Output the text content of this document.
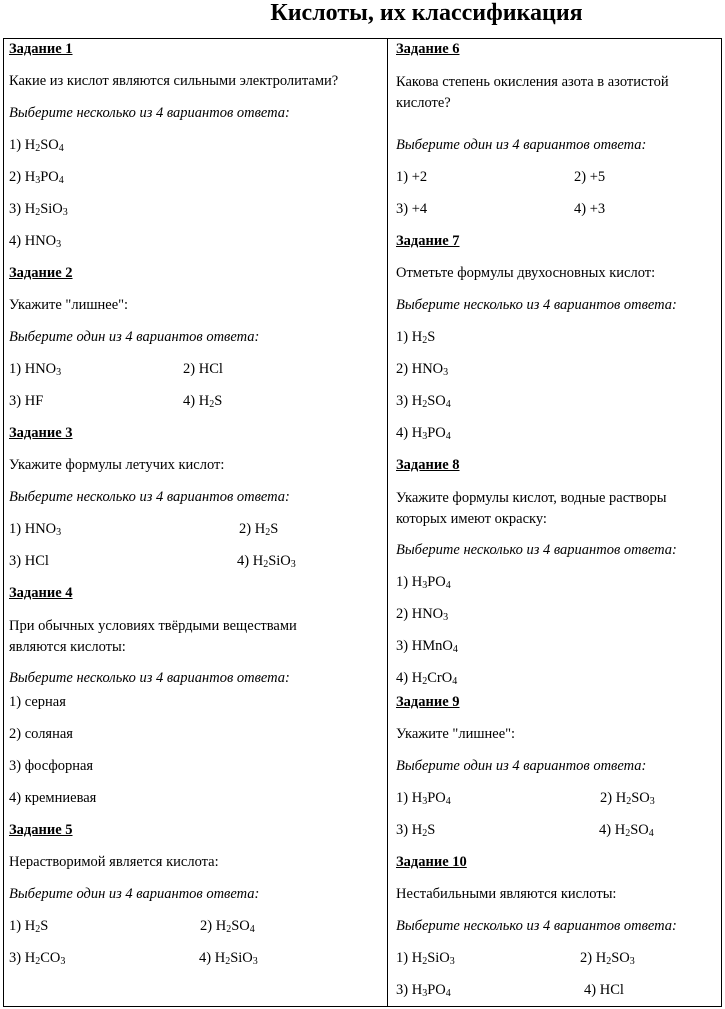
Кислоты, их классификация
Задание 1
Какие из кислот являются сильными электролитами?
Выберите несколько из 4 вариантов ответа:
1) $H_2SO_4$
2) $H_3PO_4$
3) $H_2SiO_3$
4) $HNO_3$
Задание 2
Укажите "лишнее":
Выберите один из 4 вариантов ответа:
1) $HNO_3$	2) HCl
3) HF	4) $H_2S$
Задание 3
Укажите формулы летучих кислот:
Выберите несколько из 4 вариантов ответа:
1) $HNO_3$	2) $H_2S$
3) HCl	4) $H_2SiO_3$
Задание 4
При обычных условиях твёрдыми веществами являются кислоты:
Выберите несколько из 4 вариантов ответа:
1) серная
2) соляная
3) фосфорная
4) кремниевая
Задание 5
Нерастворимой является кислота:
Выберите один из 4 вариантов ответа:
1) $H_2S$	2) $H_2SO_4$
3) $H_2CO_3$	4) $H_2SiO_3$
Задание 6
Какова степень окисления азота в азотистой кислоте?
Выберите один из 4 вариантов ответа:
1) +2	2) +5
3) +4	4) +3
Задание 7
Отметьте формулы двухосновных кислот:
Выберите несколько из 4 вариантов ответа:
1) $H_2S$
2) $HNO_3$
3) $H_2SO_4$
4) $H_3PO_4$
Задание 8
Укажите формулы кислот, водные растворы которых имеют окраску:
Выберите несколько из 4 вариантов ответа:
1) $H_3PO_4$
2) $HNO_3$
3) HMnO$_4$
4) $H_2CrO_4$
Задание 9
Укажите "лишнее":
Выберите один из 4 вариантов ответа:
1) $H_3PO_4$	2) $H_2SO_3$
3) $H_2S$	4) $H_2SO_4$
Задание 10
Нестабильными являются кислоты:
Выберите несколько из 4 вариантов ответа:
1) $H_2SiO_3$	2) $H_2SO_3$
3) $H_3PO_4$	4) HCl
